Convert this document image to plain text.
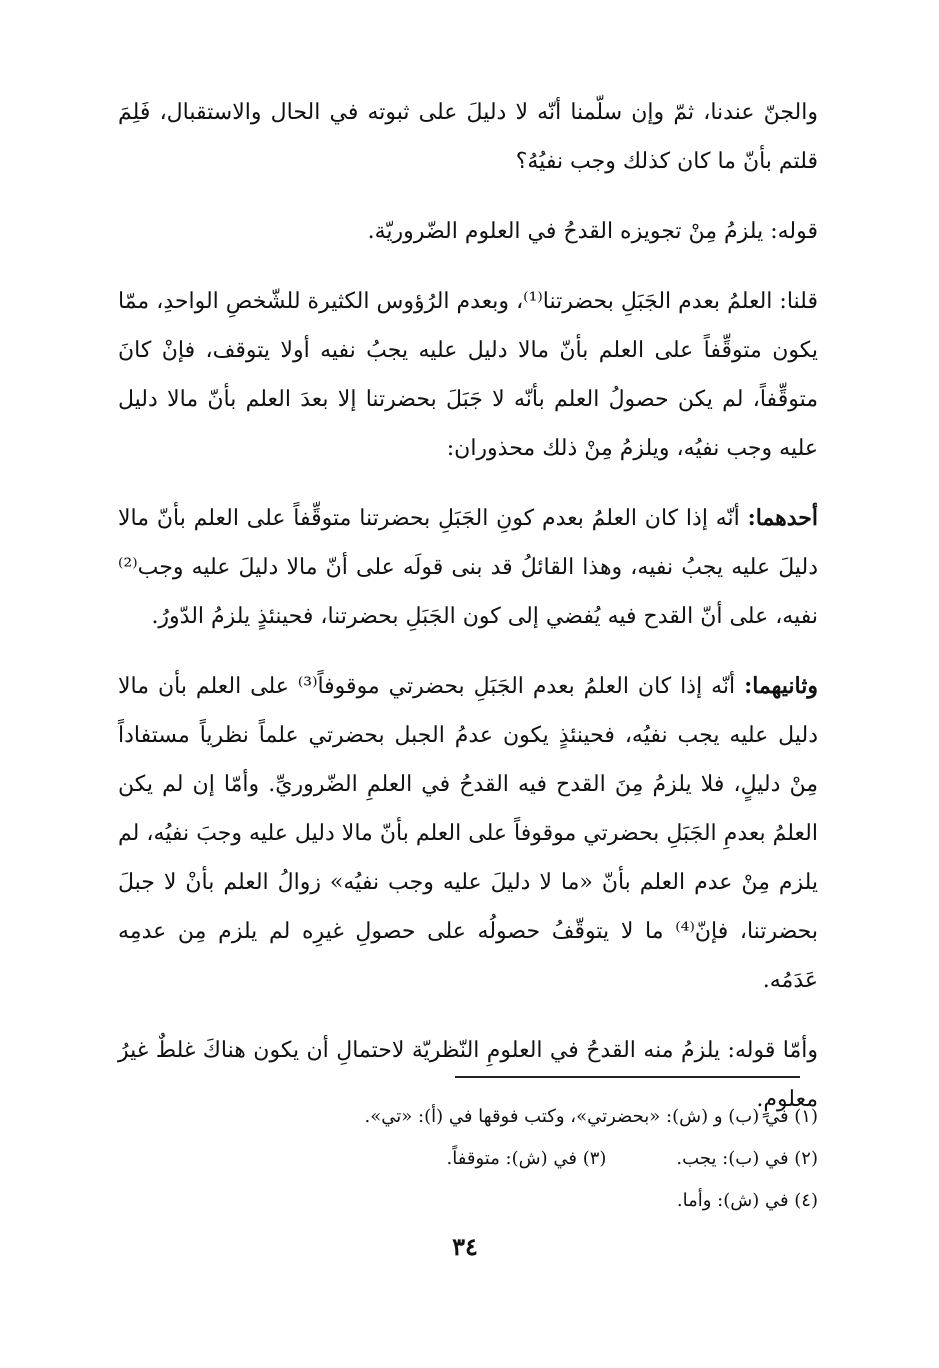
والجنّ عندنا، ثمّ وإن سلّمنا أنّه لا دليلَ على ثبوته في الحال والاستقبال، فَلِمَ قلتم بأنّ ما كان كذلك وجب نفيُهُ؟

قوله: يلزمُ مِنْ تجويزه القدحُ في العلوم الضّروريّة.

قلنا: العلمُ بعدم الجَبَلِ بحضرتنا⁽¹⁾، وبعدم الرُؤوس الكثيرة للشّخصِ الواحدِ، ممّا يكون متوقِّفاً على العلم بأنّ مالا دليل عليه يجبُ نفيه أولا يتوقف، فإنْ كانَ متوقِّفاً، لم يكن حصولُ العلم بأنّه لا جَبَلَ بحضرتنا إلا بعدَ العلم بأنّ مالا دليل عليه وجب نفيُه، ويلزمُ مِنْ ذلك محذوران:

أحدهما: أنّه إذا كان العلمُ بعدم كونِ الجَبَلِ بحضرتنا متوقِّفاً على العلم بأنّ مالا دليلَ عليه يجبُ نفيه، وهذا القائلُ قد بنى قولَه على أنّ مالا دليلَ عليه وجب⁽²⁾ نفيه، على أنّ القدح فيه يُفضي إلى كون الجَبَلِ بحضرتنا، فحينئذٍ يلزمُ الدّورُ.

وثانيهما: أنّه إذا كان العلمُ بعدم الجَبَلِ بحضرتي موقوفاً⁽³⁾ على العلم بأن مالا دليل عليه يجب نفيُه، فحينئذٍ يكون عدمُ الجبل بحضرتي علماً نظرياً مستفاداً مِنْ دليلٍ، فلا يلزمُ مِنَ القدح فيه القدحُ في العلمِ الضّروريِّ. وأمّا إن لم يكن العلمُ بعدمِ الجَبَلِ بحضرتي موقوفاً على العلم بأنّ مالا دليل عليه وجبَ نفيُه، لم يلزم مِنْ عدم العلم بأنّ «ما لا دليلَ عليه وجب نفيُه» زوالُ العلم بأنْ لا جبلَ بحضرتنا، فإنّ⁽⁴⁾ ما لا يتوقّفُ حصولُه على حصولِ غيرِه لم يلزم مِن عدمِه عَدَمُه.

وأمّا قوله: يلزمُ منه القدحُ في العلومِ النّظريّة لاحتمالِ أن يكون هناكَ غلطٌ غيرُ معلومٍ.

(١) في (ب) و (ش): «بحضرتي»، وكتب فوقها في (أ): «تي».
(٢) في (ب): يجب.
(٣) في (ش): متوقفاً.
(٤) في (ش): وأما.
٣٤
